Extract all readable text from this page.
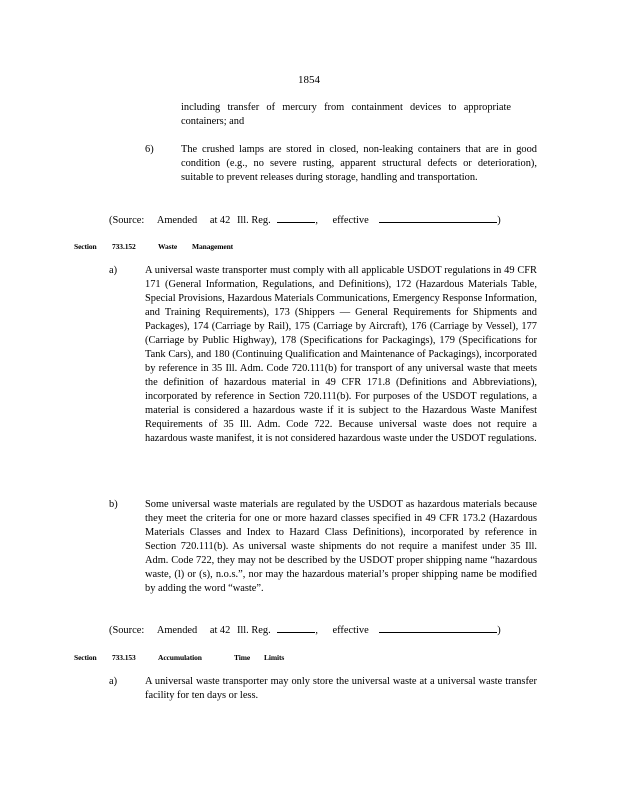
1854
including transfer of mercury from containment devices to appropriate containers; and
6)	The crushed lamps are stored in closed, non-leaking containers that are in good condition (e.g., no severe rusting, apparent structural defects or deterioration), suitable to prevent releases during storage, handling and transportation.
(Source: Amended at 42 Ill. Reg.	, effective	)
Section 733.152	Waste Management
a)	A universal waste transporter must comply with all applicable USDOT regulations in 49 CFR 171 (General Information, Regulations, and Definitions), 172 (Hazardous Materials Table, Special Provisions, Hazardous Materials Communications, Emergency Response Information, and Training Requirements), 173 (Shippers — General Requirements for Shipments and Packages), 174 (Carriage by Rail), 175 (Carriage by Aircraft), 176 (Carriage by Vessel), 177 (Carriage by Public Highway), 178 (Specifications for Packagings), 179 (Specifications for Tank Cars), and 180 (Continuing Qualification and Maintenance of Packagings), incorporated by reference in 35 Ill. Adm. Code 720.111(b) for transport of any universal waste that meets the definition of hazardous material in 49 CFR 171.8 (Definitions and Abbreviations), incorporated by reference in Section 720.111(b). For purposes of the USDOT regulations, a material is considered a hazardous waste if it is subject to the Hazardous Waste Manifest Requirements of 35 Ill. Adm. Code 722. Because universal waste does not require a hazardous waste manifest, it is not considered hazardous waste under the USDOT regulations.
b)	Some universal waste materials are regulated by the USDOT as hazardous materials because they meet the criteria for one or more hazard classes specified in 49 CFR 173.2 (Hazardous Materials Classes and Index to Hazard Class Definitions), incorporated by reference in Section 720.111(b). As universal waste shipments do not require a manifest under 35 Ill. Adm. Code 722, they may not be described by the USDOT proper shipping name “hazardous waste, (l) or (s), n.o.s.”, nor may the hazardous material’s proper shipping name be modified by adding the word “waste”.
(Source: Amended at 42 Ill. Reg.	, effective	)
Section 733.153	Accumulation	Time Limits
a)	A universal waste transporter may only store the universal waste at a universal waste transfer facility for ten days or less.
